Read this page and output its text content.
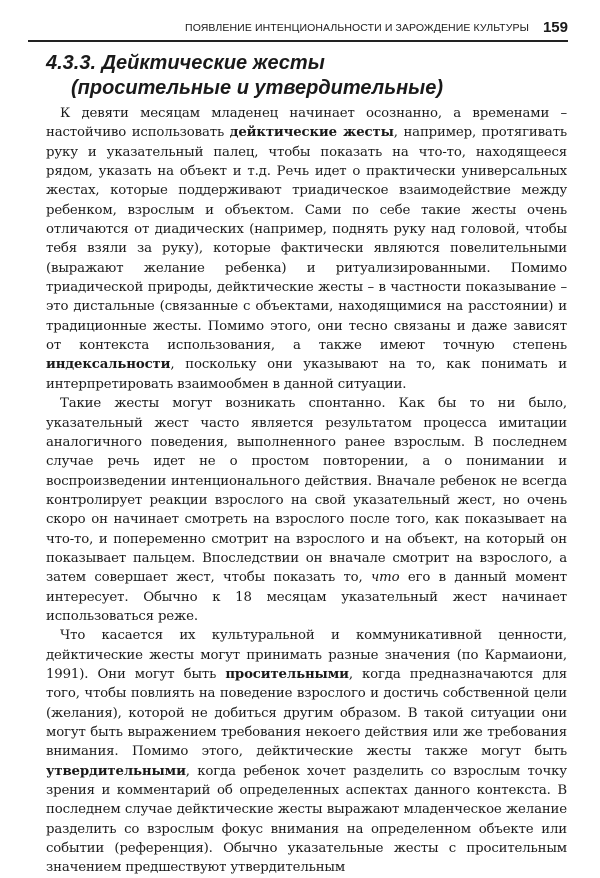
ПОЯВЛЕНИЕ ИНТЕНЦИОНАЛЬНОСТИ И ЗАРОЖДЕНИЕ КУЛЬТУРЫ 159
4.3.3. Дейктические жесты
(просительные и утвердительные)

К девяти месяцам младенец начинает осознанно, а временами – настойчиво использовать дейктические жесты, например, протягивать руку и указательный палец, чтобы показать на что-то, находящееся рядом, указать на объект и т.д. Речь идет о практически универсальных жестах, которые поддерживают триадическое взаимодействие между ребенком, взрослым и объектом. Сами по себе такие жесты очень отличаются от диадических (например, поднять руку над головой, чтобы тебя взяли за руку), которые фактически являются повелительными (выражают желание ребенка) и ритуализированными. Помимо триадической природы, дейктические жесты – в частности показывание – это дистальные (связанные с объектами, находящимися на расстоянии) и традиционные жесты. Помимо этого, они тесно связаны и даже зависят от контекста использования, а также имеют точную степень индексальности, поскольку они указывают на то, как понимать и интерпретировать взаимообмен в данной ситуации.

Такие жесты могут возникать спонтанно. Как бы то ни было, указательный жест часто является результатом процесса имитации аналогичного поведения, выполненного ранее взрослым. В последнем случае речь идет не о простом повторении, а о понимании и воспроизведении интенционального действия. Вначале ребенок не всегда контролирует реакции взрослого на свой указательный жест, но очень скоро он начинает смотреть на взрослого после того, как показывает на что-то, и попеременно смотрит на взрослого и на объект, на который он показывает пальцем. Впоследствии он вначале смотрит на взрослого, а затем совершает жест, чтобы показать то, что его в данный момент интересует. Обычно к 18 месяцам указательный жест начинает использоваться реже.

Что касается их культуральной и коммуникативной ценности, дейктические жесты могут принимать разные значения (по Кармаиони, 1991). Они могут быть просительными, когда предназначаются для того, чтобы повлиять на поведение взрослого и достичь собственной цели (желания), которой не добиться другим образом. В такой ситуации они могут быть выражением требования некоего действия или же требования внимания. Помимо этого, дейктические жесты также могут быть утвердительными, когда ребенок хочет разделить со взрослым точку зрения и комментарий об определенных аспектах данного контекста. В последнем случае дейктические жесты выражают младенческое желание разделить со взрослым фокус внимания на определенном объекте или событии (референция). Обычно указательные жесты с просительным значением предшествуют утвердительным
